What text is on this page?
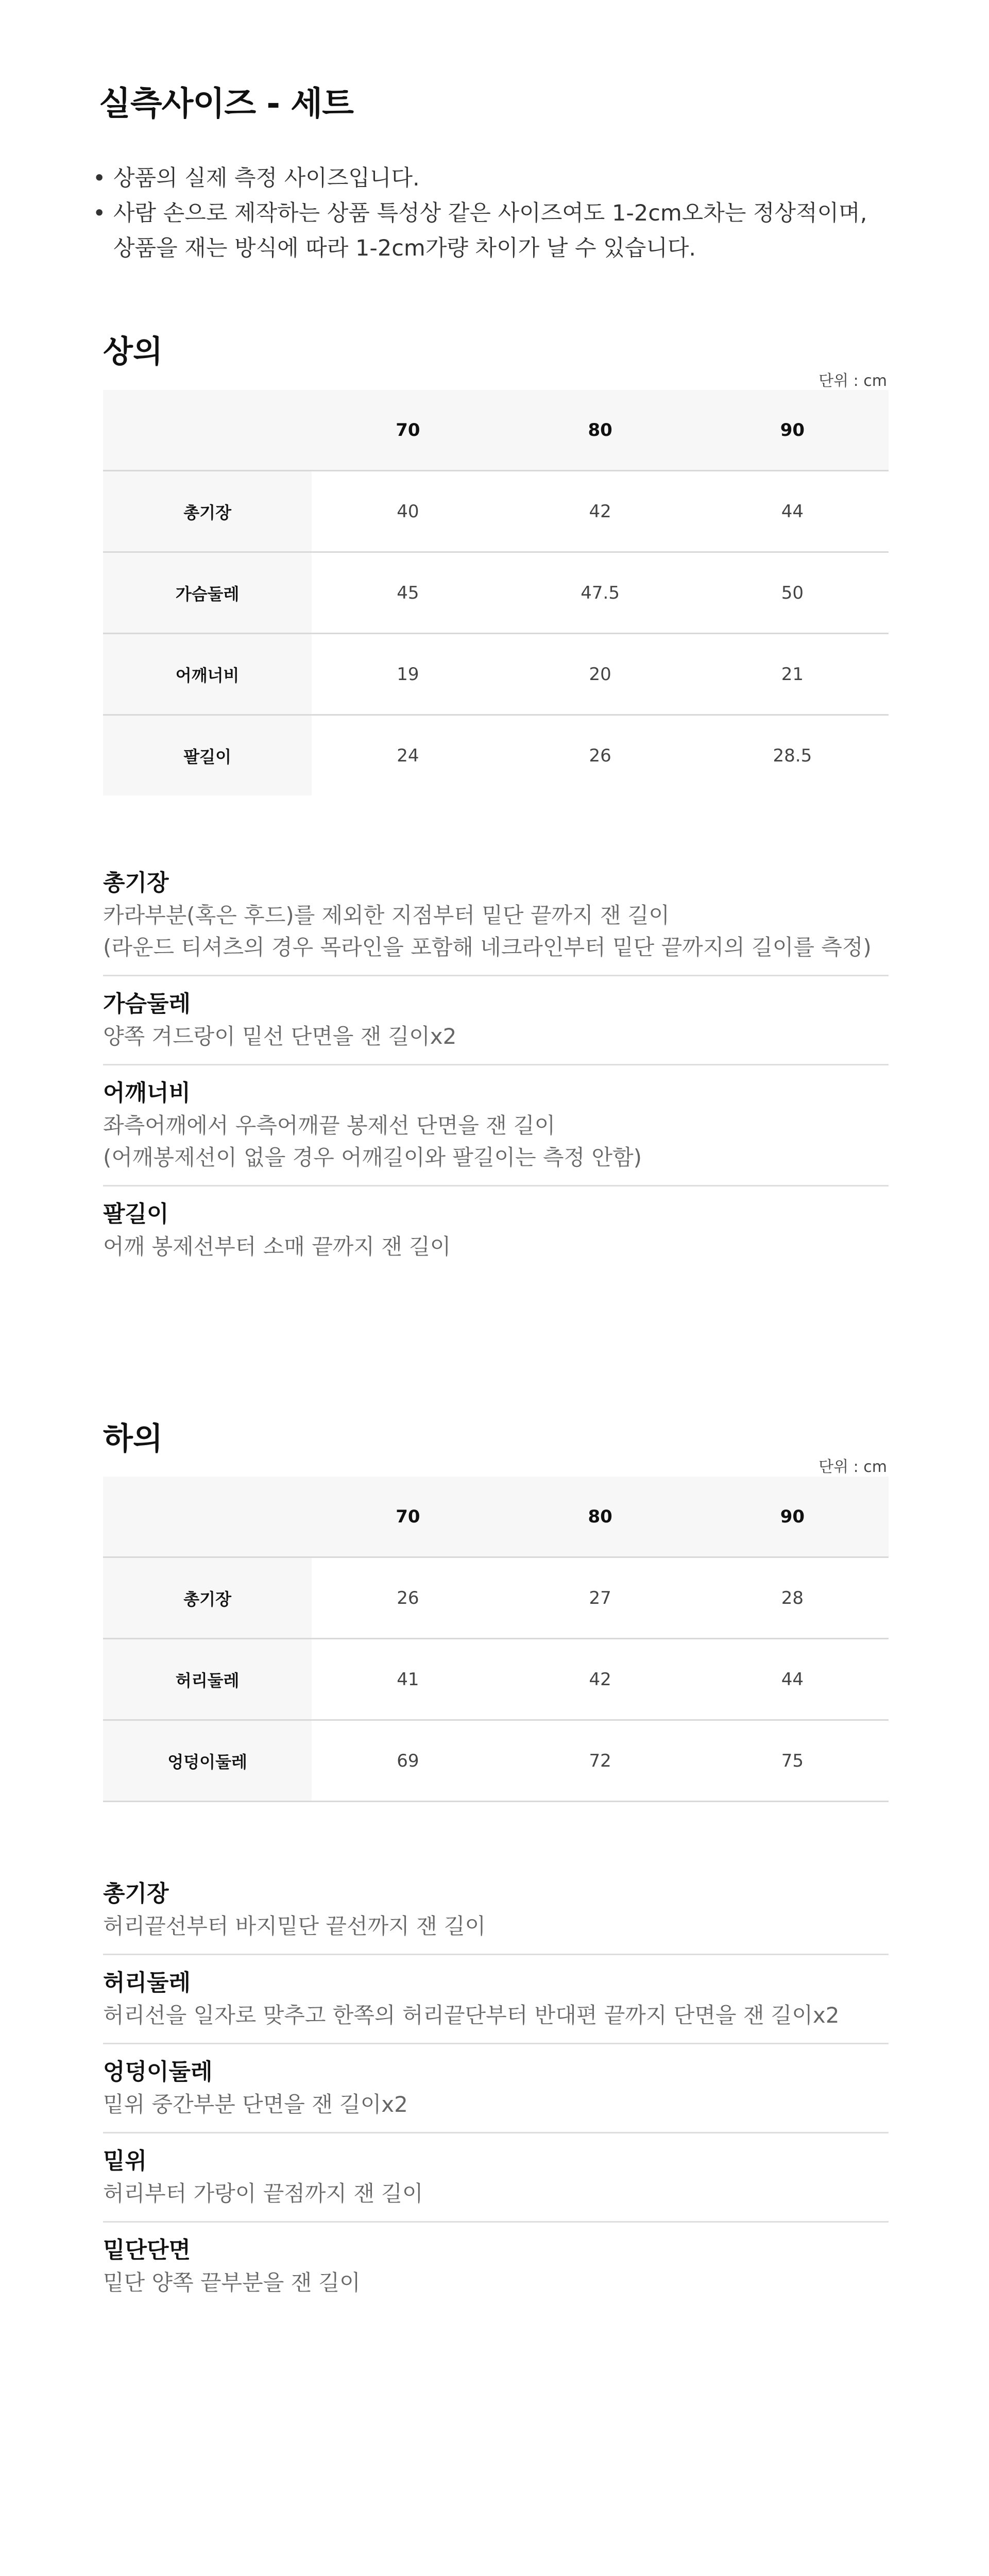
실측사이즈 - 세트
• 상품의 실제 측정 사이즈입니다.
• 사람 손으로 제작하는 상품 특성상 같은 사이즈여도 1-2cm오차는 정상적이며,
상품을 재는 방식에 따라 1-2cm가량 차이가 날 수 있습니다.
상의
단위 : cm
	70	80	90
총기장	40	42	44
가슴둘레	45	47.5	50
어깨너비	19	20	21
팔길이	24	26	28.5
총기장
카라부분(혹은 후드)를 제외한 지점부터 밑단 끝까지 잰 길이
(라운드 티셔츠의 경우 목라인을 포함해 네크라인부터 밑단 끝까지의 길이를 측정)
가슴둘레
양쪽 겨드랑이 밑선 단면을 잰 길이x2
어깨너비
좌측어깨에서 우측어깨끝 봉제선 단면을 잰 길이
(어깨봉제선이 없을 경우 어깨길이와 팔길이는 측정 안함)
팔길이
어깨 봉제선부터 소매 끝까지 잰 길이
하의
단위 : cm
	70	80	90
총기장	26	27	28
허리둘레	41	42	44
엉덩이둘레	69	72	75
총기장
허리끝선부터 바지밑단 끝선까지 잰 길이
허리둘레
허리선을 일자로 맞추고 한쪽의 허리끝단부터 반대편 끝까지 단면을 잰 길이x2
엉덩이둘레
밑위 중간부분 단면을 잰 길이x2
밑위
허리부터 가랑이 끝점까지 잰 길이
밑단단면
밑단 양쪽 끝부분을 잰 길이
